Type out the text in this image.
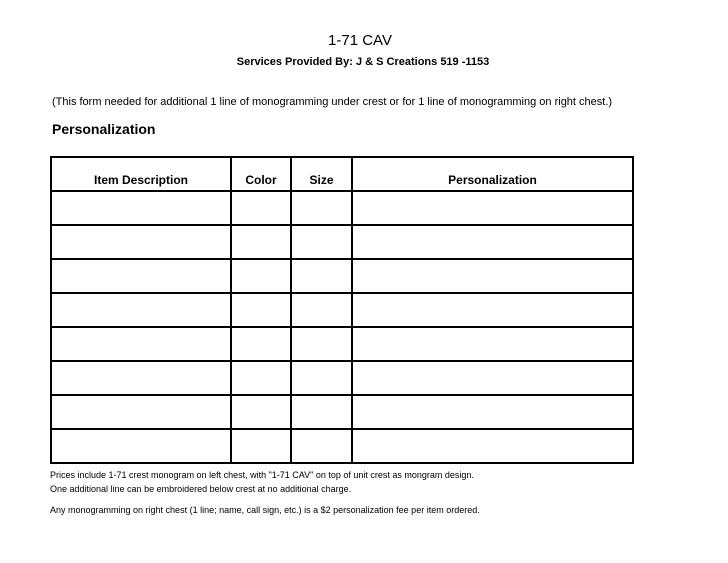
1-71 CAV
Services Provided By: J & S Creations 519 -1153
(This form needed for additional 1 line of monogramming under crest or for 1 line of monogramming on right chest.)
Personalization
Item Description	Color	Size	Personalization

Prices include 1-71 crest monogram on left chest, with "1-71 CAV" on top of unit crest as mongram design.
One additional line can be embroidered below crest at no additional charge.
Any monogramming on right chest (1 line; name, call sign, etc.) is a $2 personalization fee per item ordered.
